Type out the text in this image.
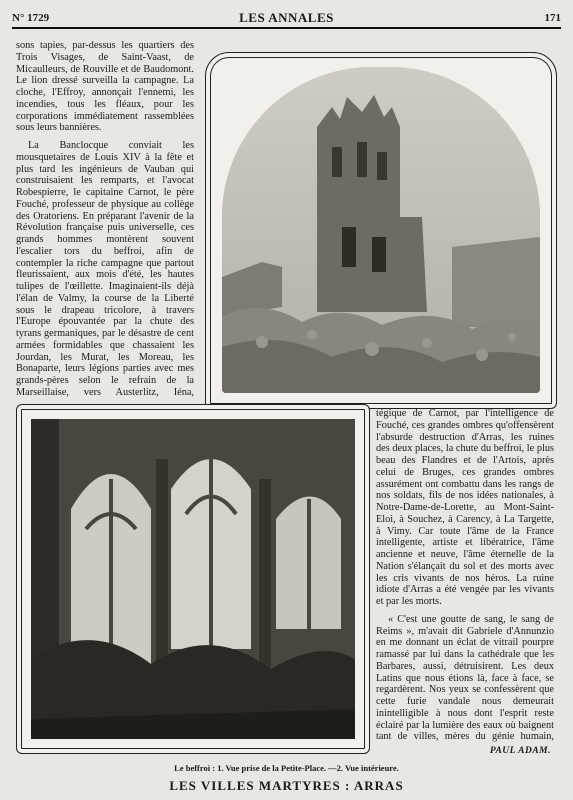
N° 1729	LES ANNALES	171

sons tapies, par-dessus les quartiers des Trois Visages, de Saint-Vaast, de Micaulleurs, de Rouville et de Baudomont. Le lion dressé surveilla la campagne. La cloche, l'Effroy, annonçait l'ennemi, les incendies, tous les fléaux, pour les corporations immédiatement rassemblées sous leurs bannières.

La Banclocque conviait les mousquetaires de Louis XIV à la fête et plus tard les ingénieurs de Vauban qui construisaient les remparts, et l'avocat Robespierre, le capitaine Carnot, le père Fouché, professeur de physique au collège des Oratoriens. En préparant l'avenir de la Révolution française puis universelle, ces grands hommes montèrent souvent l'escalier tors du beffroi, afin de contempler la riche campagne que partout fleurissaient, aux mois d'été, les hautes tulipes de l'œillette. Imaginaient-ils déjà l'élan de Valmy, la course de la Liberté sous le drapeau tricolore, à travers l'Europe épouvantée par la chute des tyrans germaniques, par le désastre de cent armées formidables que chassaient les Jourdan, les Murat, les Moreau, les Bonaparte, leurs légions parties avec mes grands-pères selon le refrain de la Marseillaise, vers Austerlitz, Iéna,

tégique de Carnot, par l'intelligence de Fouché, ces grandes ombres qu'offensèrent l'absurde destruction d'Arras, les ruines des deux places, la chute du beffroi, le plus beau des Flandres et de l'Artois, après celui de Bruges, ces grandes ombres assurément ont combattu dans les rangs de nos soldats, fils de nos idées nationales, à Notre-Dame-de-Lorette, au Mont-Saint-Eloi, à Souchez, à Carency, à La Targette, à Vimy. Car toute l'âme de la France intelligente, artiste et libératrice, l'âme ancienne et neuve, l'âme éternelle de la Nation s'élançait du sol et des morts avec les cris vivants de nos héros. La ruine idiote d'Arras a été vengée par les vivants et par les morts.

« C'est une goutte de sang, le sang de Reims », m'avait dit Gabriele d'Annunzio en me donnant un éclat de vitrail pourpre ramassé par lui dans la cathédrale que les Barbares, aussi, détruisirent. Les deux Latins que nous étions là, face à face, se regardèrent. Nos yeux se confessèrent que cette furie vandale nous demeurait inintelligible à nous dont l'esprit reste éclairé par la lumière des eaux où baignent tant de villes, mères du génie humain,

PAUL ADAM.
Le beffroi : 1. Vue prise de la Petite-Place.  — 2. Vue intérieure.
LES VILLES MARTYRES : ARRAS
